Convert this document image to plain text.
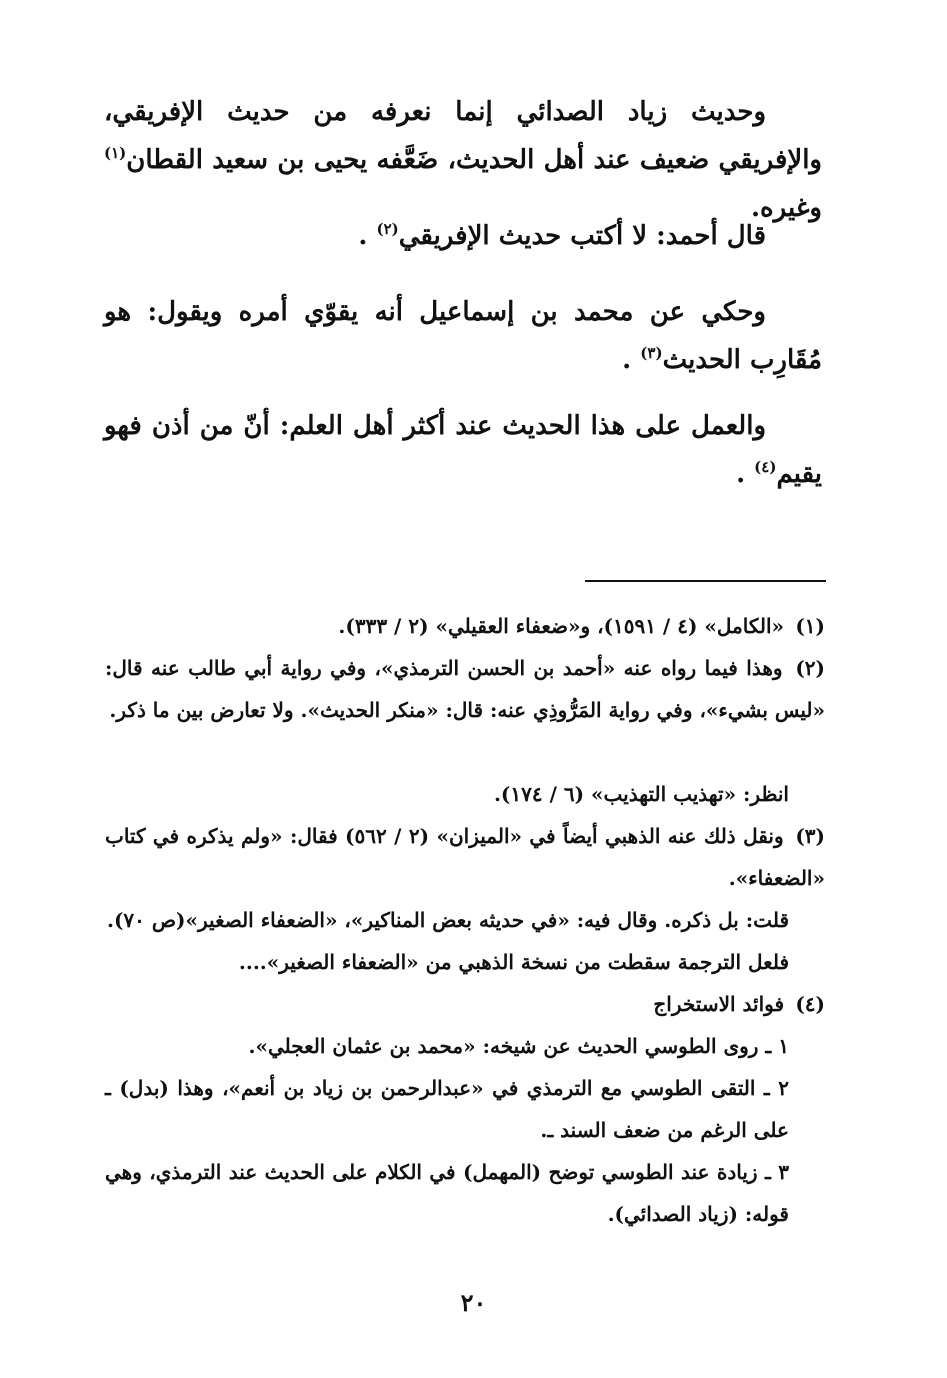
وحديث زياد الصدائي إنما نعرفه من حديث الإفريقي، والإفريقي ضعيف عند أهل الحديث، ضَعَّفه يحيى بن سعيد القطان$^{(١)}$ وغيره.

قال أحمد: لا أكتب حديث الإفريقي$^{(٢)}$ .

وحكي عن محمد بن إسماعيل أنه يقوّي أمره ويقول: هو مُقَارِب الحديث$^{(٣)}$ .

والعمل على هذا الحديث عند أكثر أهل العلم: أنّ من أذن فهو يقيم$^{(٤)}$ .

(١) «الكامل» (٤ / ١٥٩١)، و«ضعفاء العقيلي» (٢ / ٣٣٣).
(٢) وهذا فيما رواه عنه «أحمد بن الحسن الترمذي»، وفي رواية أبي طالب عنه قال: «ليس بشيء»، وفي رواية المَرُّوذِي عنه: قال: «منكر الحديث». ولا تعارض بين ما ذكر.
انظر: «تهذيب التهذيب» (٦ / ١٧٤).
(٣) ونقل ذلك عنه الذهبي أيضاً في «الميزان» (٢ / ٥٦٢) فقال: «ولم يذكره في كتاب «الضعفاء».
قلت: بل ذكره. وقال فيه: «في حديثه بعض المناكير»، «الضعفاء الصغير»(ص ٧٠).
فلعل الترجمة سقطت من نسخة الذهبي من «الضعفاء الصغير»....
(٤) فوائد الاستخراج
١ ـ روى الطوسي الحديث عن شيخه: «محمد بن عثمان العجلي».
٢ ـ التقى الطوسي مع الترمذي في «عبدالرحمن بن زياد بن أنعم»، وهذا (بدل) ـ على الرغم من ضعف السند ـ.
٣ ـ زيادة عند الطوسي توضح (المهمل) في الكلام على الحديث عند الترمذي، وهي قوله: (زياد الصدائي).
٢٠
